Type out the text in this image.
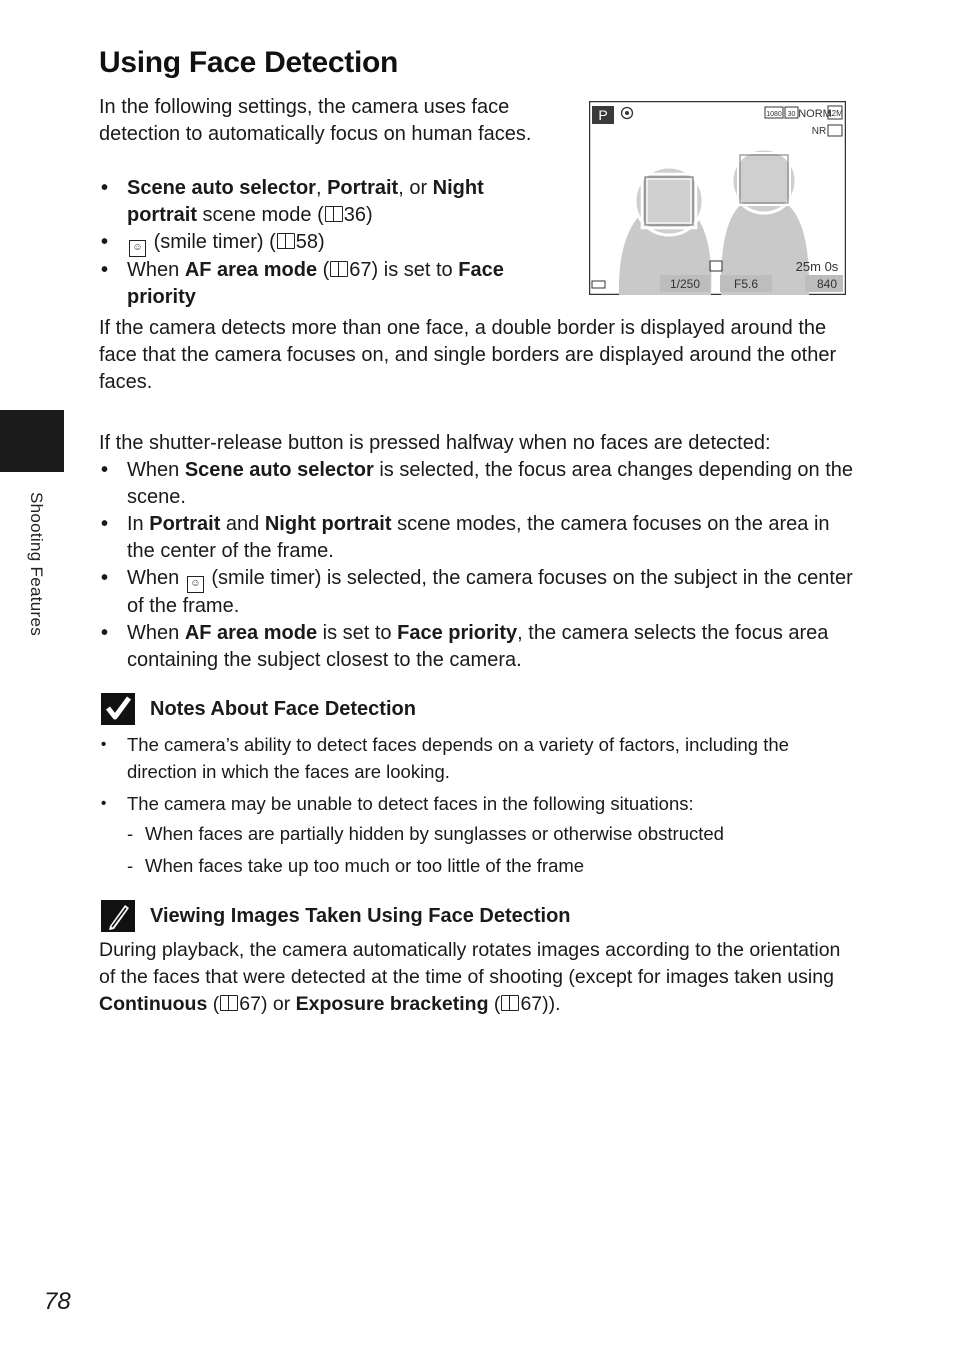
Using Face Detection

In the following settings, the camera uses face detection to automatically focus on human faces.

• Scene auto selector, Portrait, or Night portrait scene mode ( 36)
• ☺ (smile timer) ( 58)
• When AF area mode ( 67) is set to Face priority
P	1080 30 NORM
12M
NR
25m 0s
1/250	F5.6	840

If the camera detects more than one face, a double border is displayed around the face that the camera focuses on, and single borders are displayed around the other faces.

Shooting Features

If the shutter-release button is pressed halfway when no faces are detected:

• When Scene auto selector is selected, the focus area changes depending on the scene.
• In Portrait and Night portrait scene modes, the camera focuses on the area in the center of the frame.
• When ☺ (smile timer) is selected, the camera focuses on the subject in the center of the frame.
• When AF area mode is set to Face priority, the camera selects the focus area containing the subject closest to the camera.
Notes About Face Detection
• The camera’s ability to detect faces depends on a variety of factors, including the direction in which the faces are looking.
• The camera may be unable to detect faces in the following situations:
- When faces are partially hidden by sunglasses or otherwise obstructed
- When faces take up too much or too little of the frame
Viewing Images Taken Using Face Detection

During playback, the camera automatically rotates images according to the orientation of the faces that were detected at the time of shooting (except for images taken using Continuous ( 67) or Exposure bracketing ( 67)).

78
